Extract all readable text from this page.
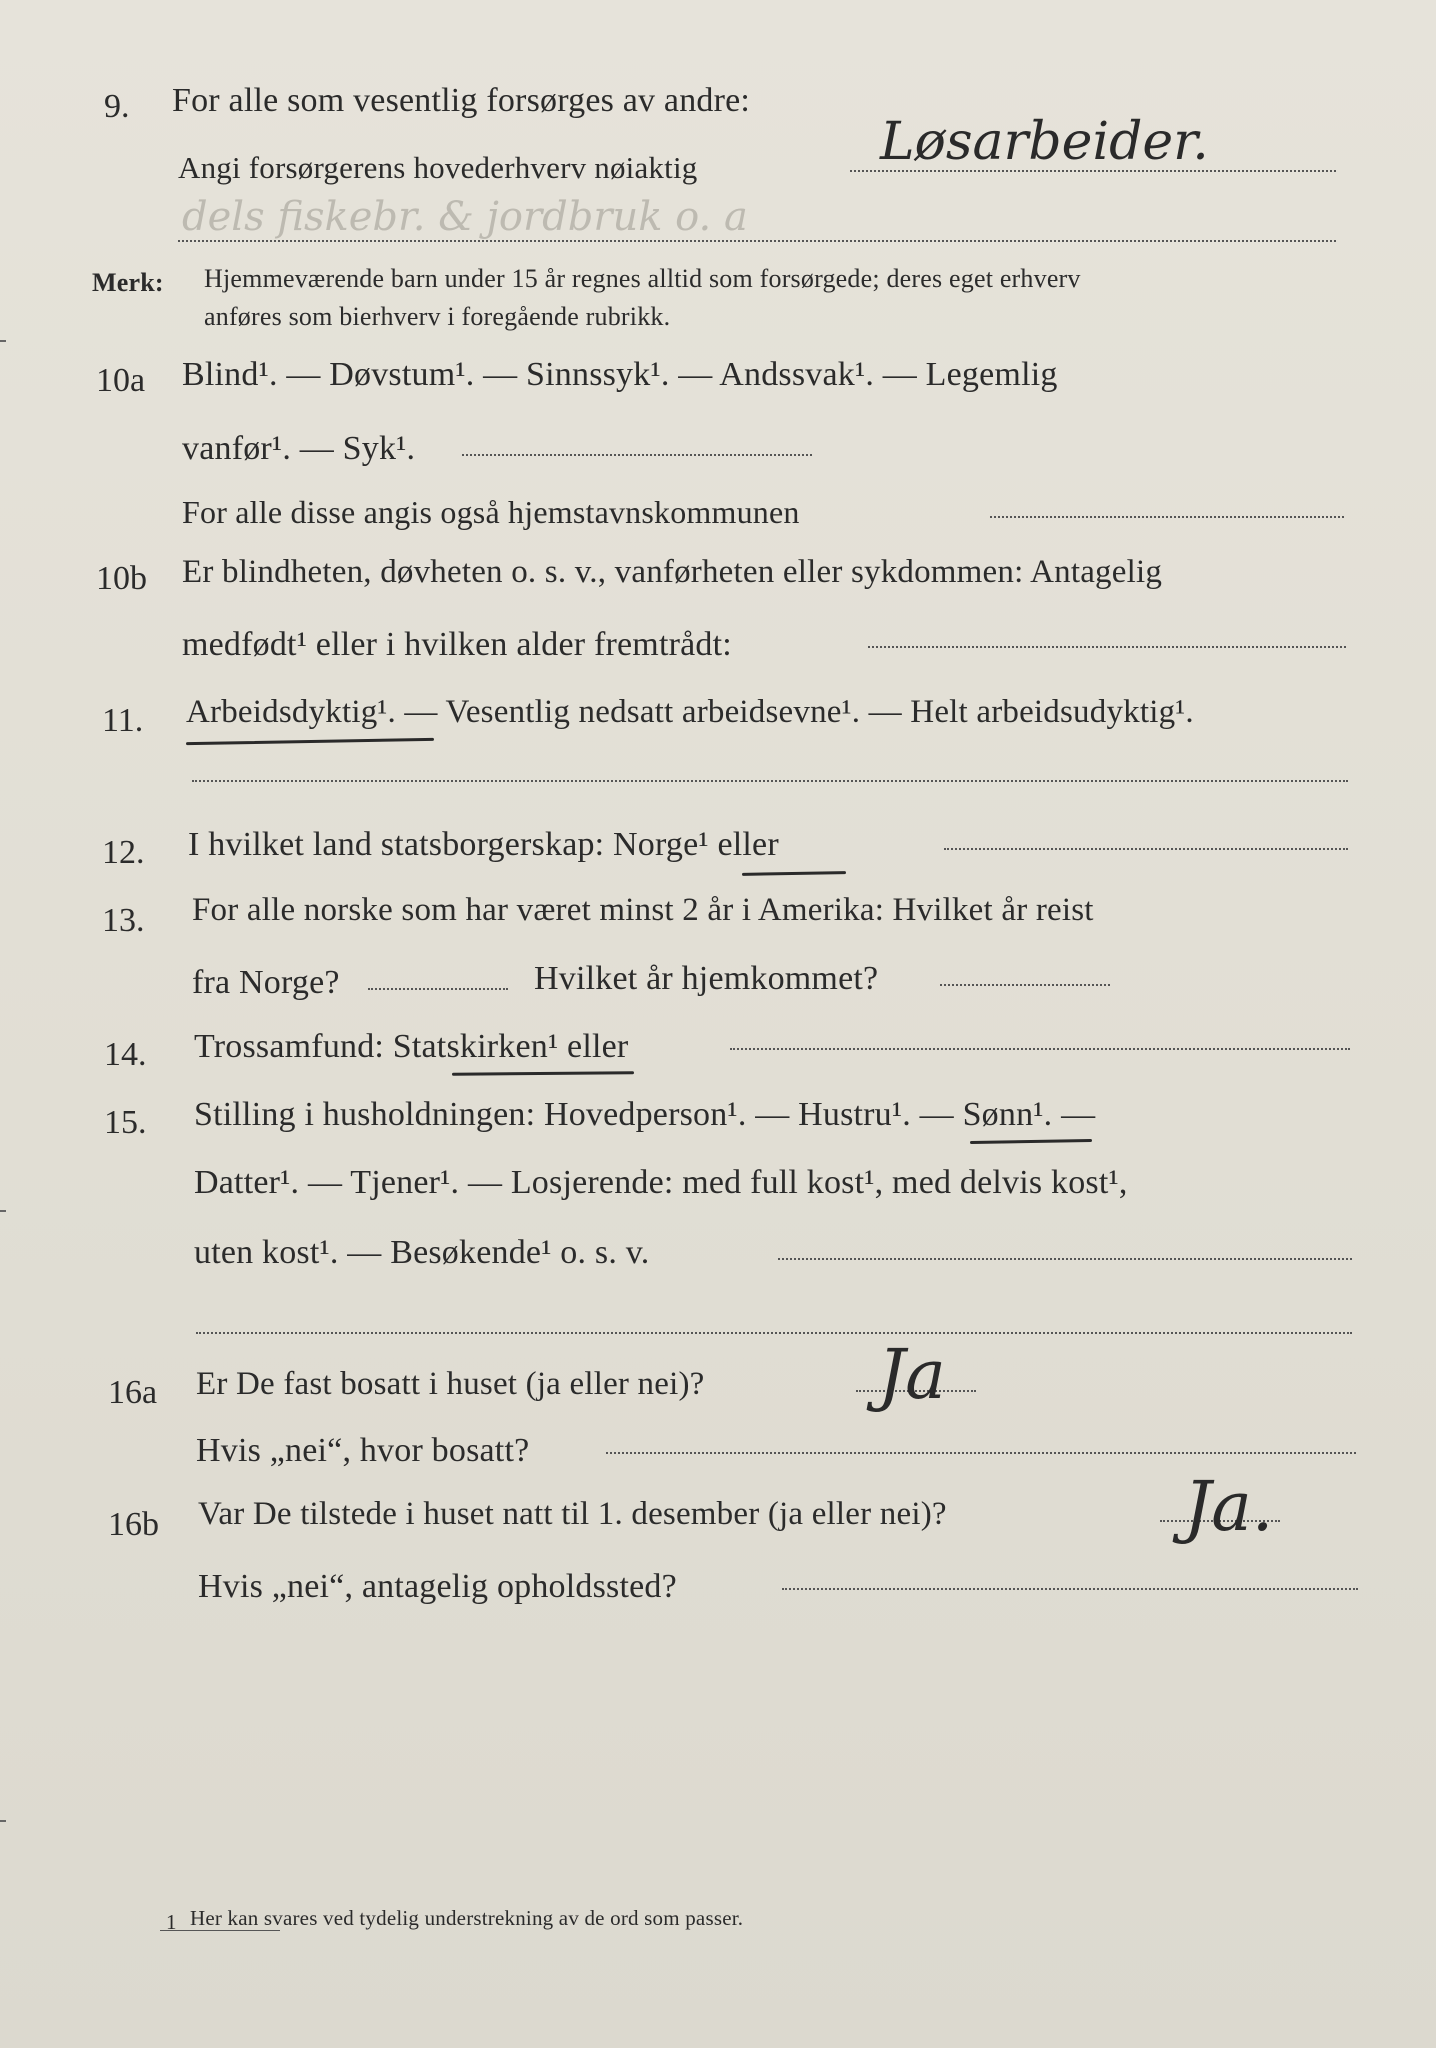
9. For alle som vesentlig forsørges av andre:
Angi forsørgerens hovederhverv nøiaktig	Løsarbeider.
dels fiskebr. & jordbruk o. a
Merk: Hjemmeværende barn under 15 år regnes alltid som forsørgede; deres eget erhverv
anføres som bierhverv i foregående rubrikk.
10a Blind¹. — Døvstum¹. — Sinnssyk¹. — Andssvak¹. — Legemlig
vanfør¹. — Syk¹.
For alle disse angis også hjemstavnskommunen
10b Er blindheten, døvheten o. s. v., vanførheten eller sykdommen: Antagelig
medfødt¹ eller i hvilken alder fremtrådt:
11. Arbeidsdyktig¹. — Vesentlig nedsatt arbeidsevne¹. — Helt arbeidsudyktig¹.
12. I hvilket land statsborgerskap: Norge¹ eller
13. For alle norske som har været minst 2 år i Amerika: Hvilket år reist
fra Norge?	Hvilket år hjemkommet?
14. Trossamfund: Statskirken¹ eller
15. Stilling i husholdningen: Hovedperson¹. — Hustru¹. — Sønn¹. —
Datter¹. — Tjener¹. — Losjerende: med full kost¹, med delvis kost¹,
uten kost¹. — Besøkende¹ o. s. v.
16a Er De fast bosatt i huset (ja eller nei)?	Ja
Hvis „nei“, hvor bosatt?
16b Var De tilstede i huset natt til 1. desember (ja eller nei)?	Ja.
Hvis „nei“, antagelig opholdssted?
1 Her kan svares ved tydelig understrekning av de ord som passer.
